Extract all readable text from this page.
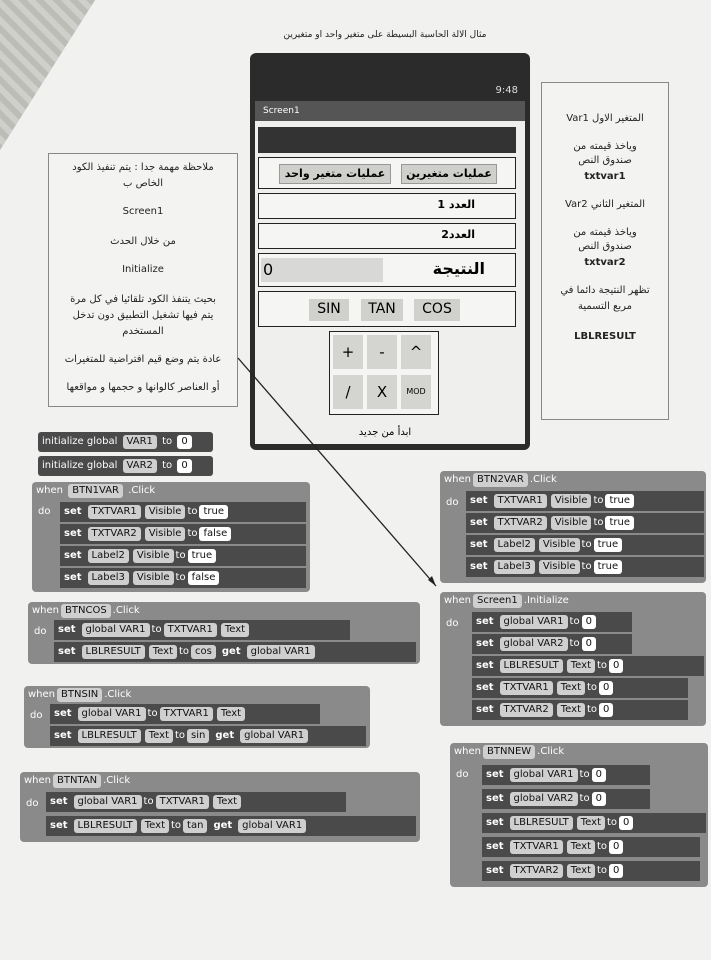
مثال الالة الحاسبة البسيطة على متغير واحد او متغيرين
9:48
Screen1
عمليات متغير واحد	عمليات متغيرين
العدد 1
العدد2
0	النتيجة
SIN	TAN	COS
+	-	^
/	X	MOD
ابدأ من جديد

ملاحظة مهمة جدا : يتم تنفيذ الكود

الخاص ب

Screen1

من خلال الحدث

Initialize

بحيث يتنفذ الكود تلقائيا في كل مرة

يتم فيها تشغيل التطبيق دون تدخل

المستخدم

عادة يتم وضع قيم افتراضية للمتغيرات

أو العناصر كالوانها و حجمها و مواقعها

المتغير الاول Var1

وياخذ قيمته من

صندوق النص

txtvar1

المتغير الثاني Var2

وياخذ قيمته من

صندوق النص

txtvar2

تظهر النتيجة دائما في

مربع التسمية

LBLRESULT

initialize global VAR1 to 0
initialize global VAR2 to 0
when BTN1VAR .Click
do	set TXTVAR1 Visible to true
set TXTVAR2 Visible to false
set Label2 Visible to true
set Label3 Visible to false
when BTNCOS .Click
do	set global VAR1 to TXTVAR1 Text
set LBLRESULT Text to cos get global VAR1
when BTNSIN .Click
do	set global VAR1 to TXTVAR1 Text
set LBLRESULT Text to sin get global VAR1
when BTNTAN .Click
do	set global VAR1 to TXTVAR1 Text
set LBLRESULT Text to tan get global VAR1
when BTN2VAR .Click
do	set TXTVAR1 Visible to true
set TXTVAR2 Visible to true
set Label2 Visible to true
set Label3 Visible to true
when Screen1 .Initialize
do	set global VAR1 to 0
set global VAR2 to 0
set LBLRESULT Text to 0
set TXTVAR1 Text to 0
set TXTVAR2 Text to 0
when BTNNEW .Click
do	set global VAR1 to 0
set global VAR2 to 0
set LBLRESULT Text to 0
set TXTVAR1 Text to 0
set TXTVAR2 Text to 0
